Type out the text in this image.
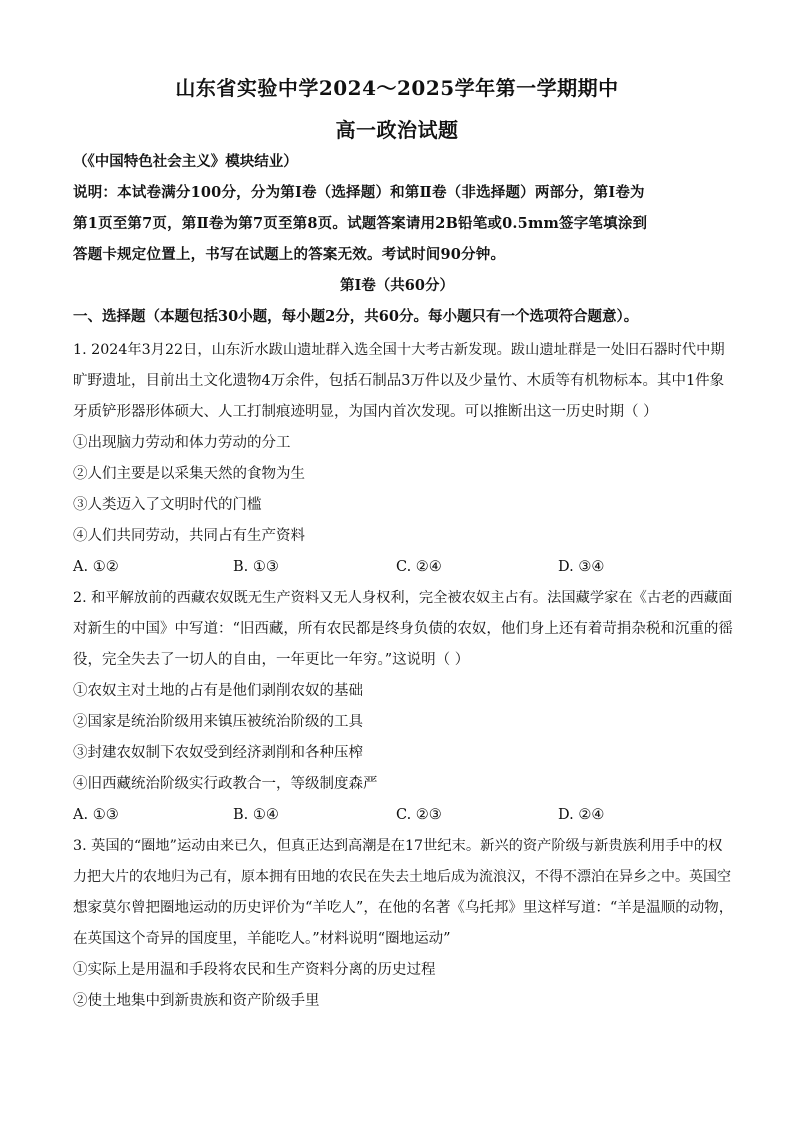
山东省实验中学2024～2025学年第一学期期中
高一政治试题
（《中国特色社会主义》模块结业）
说明：本试卷满分100分，分为第Ⅰ卷（选择题）和第Ⅱ卷（非选择题）两部分，第Ⅰ卷为
第1页至第7页，第Ⅱ卷为第7页至第8页。试题答案请用2B铅笔或0.5mm签字笔填涂到
答题卡规定位置上，书写在试题上的答案无效。考试时间90分钟。
第Ⅰ卷（共60分）
一、选择题（本题包括30小题，每小题2分，共60分。每小题只有一个选项符合题意）。
1. 2024年3月22日，山东沂水跋山遗址群入选全国十大考古新发现。跋山遗址群是一处旧石器时代中期
旷野遗址，目前出土文化遗物4万余件，包括石制品3万件以及少量竹、木质等有机物标本。其中1件象
牙质铲形器形体硕大、人工打制痕迹明显，为国内首次发现。可以推断出这一历史时期（ ）
①出现脑力劳动和体力劳动的分工
②人们主要是以采集天然的食物为生
③人类迈入了文明时代的门槛
④人们共同劳动，共同占有生产资料
A. ①②	B. ①③	C. ②④	D. ③④
2. 和平解放前的西藏农奴既无生产资料又无人身权利，完全被农奴主占有。法国藏学家在《古老的西藏面
对新生的中国》中写道：“旧西藏，所有农民都是终身负债的农奴，他们身上还有着苛捐杂税和沉重的徭
役，完全失去了一切人的自由，一年更比一年穷。”这说明（ ）
①农奴主对土地的占有是他们剥削农奴的基础
②国家是统治阶级用来镇压被统治阶级的工具
③封建农奴制下农奴受到经济剥削和各种压榨
④旧西藏统治阶级实行政教合一，等级制度森严
A. ①③	B. ①④	C. ②③	D. ②④
3. 英国的“圈地”运动由来已久，但真正达到高潮是在17世纪末。新兴的资产阶级与新贵族利用手中的权
力把大片的农地归为己有，原本拥有田地的农民在失去土地后成为流浪汉，不得不漂泊在异乡之中。英国空
想家莫尔曾把圈地运动的历史评价为“羊吃人”，在他的名著《乌托邦》里这样写道：“羊是温顺的动物，
在英国这个奇异的国度里，羊能吃人。”材料说明“圈地运动”
①实际上是用温和手段将农民和生产资料分离的历史过程
②使土地集中到新贵族和资产阶级手里
